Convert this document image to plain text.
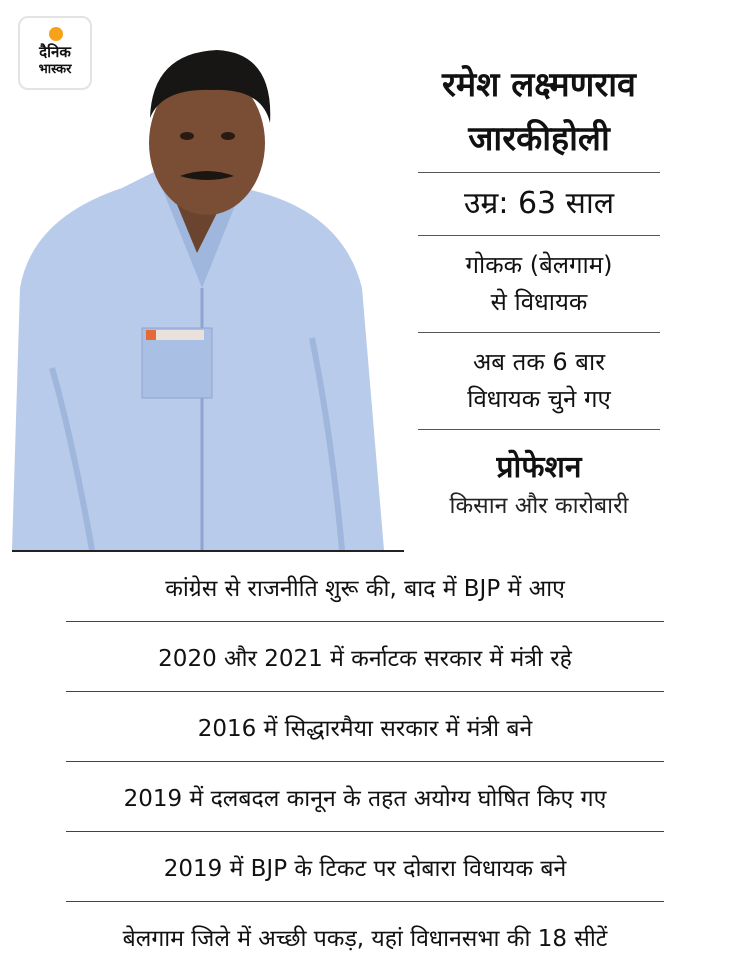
दैनिक
भास्कर	रमेश लक्ष्मणराव
जारकीहोली
उम्र: 63 साल
गोकक (बेलगाम)
से विधायक
अब तक 6 बार
विधायक चुने गए
प्रोफेशन
किसान और कारोबारी
कांग्रेस से राजनीति शुरू की, बाद में BJP में आए
2020 और 2021 में कर्नाटक सरकार में मंत्री रहे
2016 में सिद्धारमैया सरकार में मंत्री बने
2019 में दलबदल कानून के तहत अयोग्य घोषित किए गए
2019 में BJP के टिकट पर दोबारा विधायक बने
बेलगाम जिले में अच्छी पकड़, यहां विधानसभा की 18 सीटें
